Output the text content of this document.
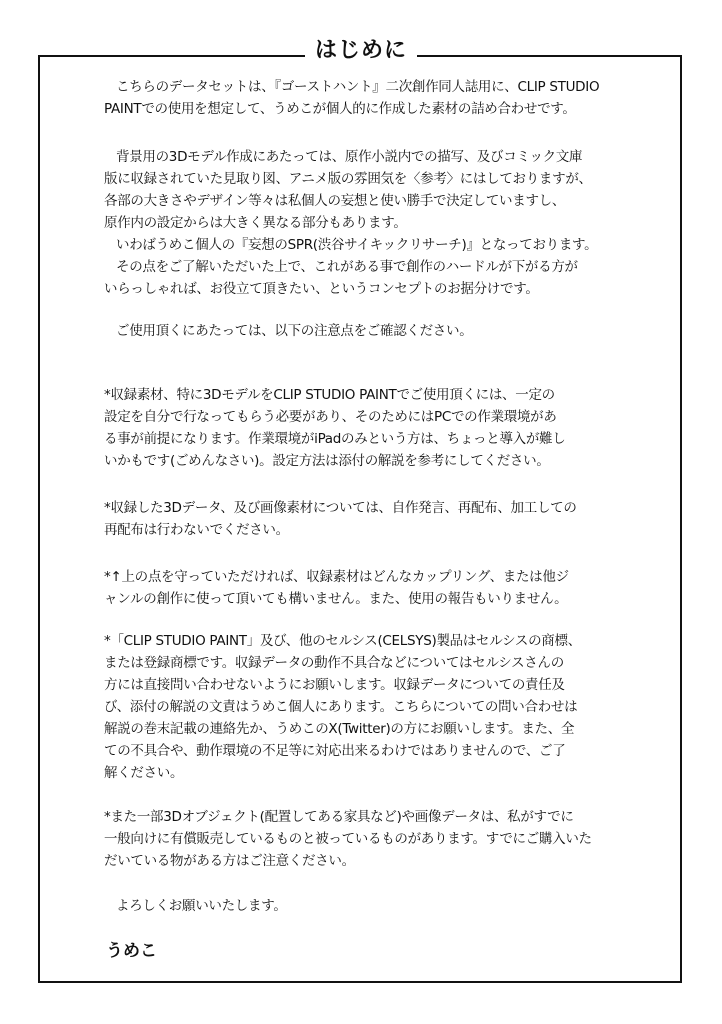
はじめに
こちらのデータセットは、『ゴーストハント』二次創作同人誌用に、CLIP STUDIO
PAINTでの使用を想定して、うめこが個人的に作成した素材の詰め合わせです。
背景用の3Dモデル作成にあたっては、原作小説内での描写、及びコミック文庫
版に収録されていた見取り図、アニメ版の雰囲気を〈参考〉にはしておりますが、
各部の大きさやデザイン等々は私個人の妄想と使い勝手で決定していますし、
原作内の設定からは大きく異なる部分もあります。
いわばうめこ個人の『妄想のSPR(渋谷サイキックリサーチ)』となっております。
その点をご了解いただいた上で、これがある事で創作のハードルが下がる方が
いらっしゃれば、お役立て頂きたい、というコンセプトのお据分けです。
ご使用頂くにあたっては、以下の注意点をご確認ください。
*収録素材、特に3DモデルをCLIP STUDIO PAINTでご使用頂くには、一定の
設定を自分で行なってもらう必要があり、そのためにはPCでの作業環境があ
る事が前提になります。作業環境がiPadのみという方は、ちょっと導入が難し
いかもです(ごめんなさい)。設定方法は添付の解説を参考にしてください。
*収録した3Dデータ、及び画像素材については、自作発言、再配布、加工しての
再配布は行わないでください。
*↑上の点を守っていただければ、収録素材はどんなカップリング、または他ジ
ャンルの創作に使って頂いても構いません。また、使用の報告もいりません。
*「CLIP STUDIO PAINT」及び、他のセルシス(CELSYS)製品はセルシスの商標、
または登録商標です。収録データの動作不具合などについてはセルシスさんの
方には直接問い合わせないようにお願いします。収録データについての責任及
び、添付の解説の文責はうめこ個人にあります。こちらについての問い合わせは
解説の巻末記載の連絡先か、うめこのX(Twitter)の方にお願いします。また、全
ての不具合や、動作環境の不足等に対応出来るわけではありませんので、ご了
解ください。
*また一部3Dオブジェクト(配置してある家具など)や画像データは、私がすでに
一般向けに有償販売しているものと被っているものがあります。すでにご購入いた
だいている物がある方はご注意ください。
よろしくお願いいたします。
うめこ
